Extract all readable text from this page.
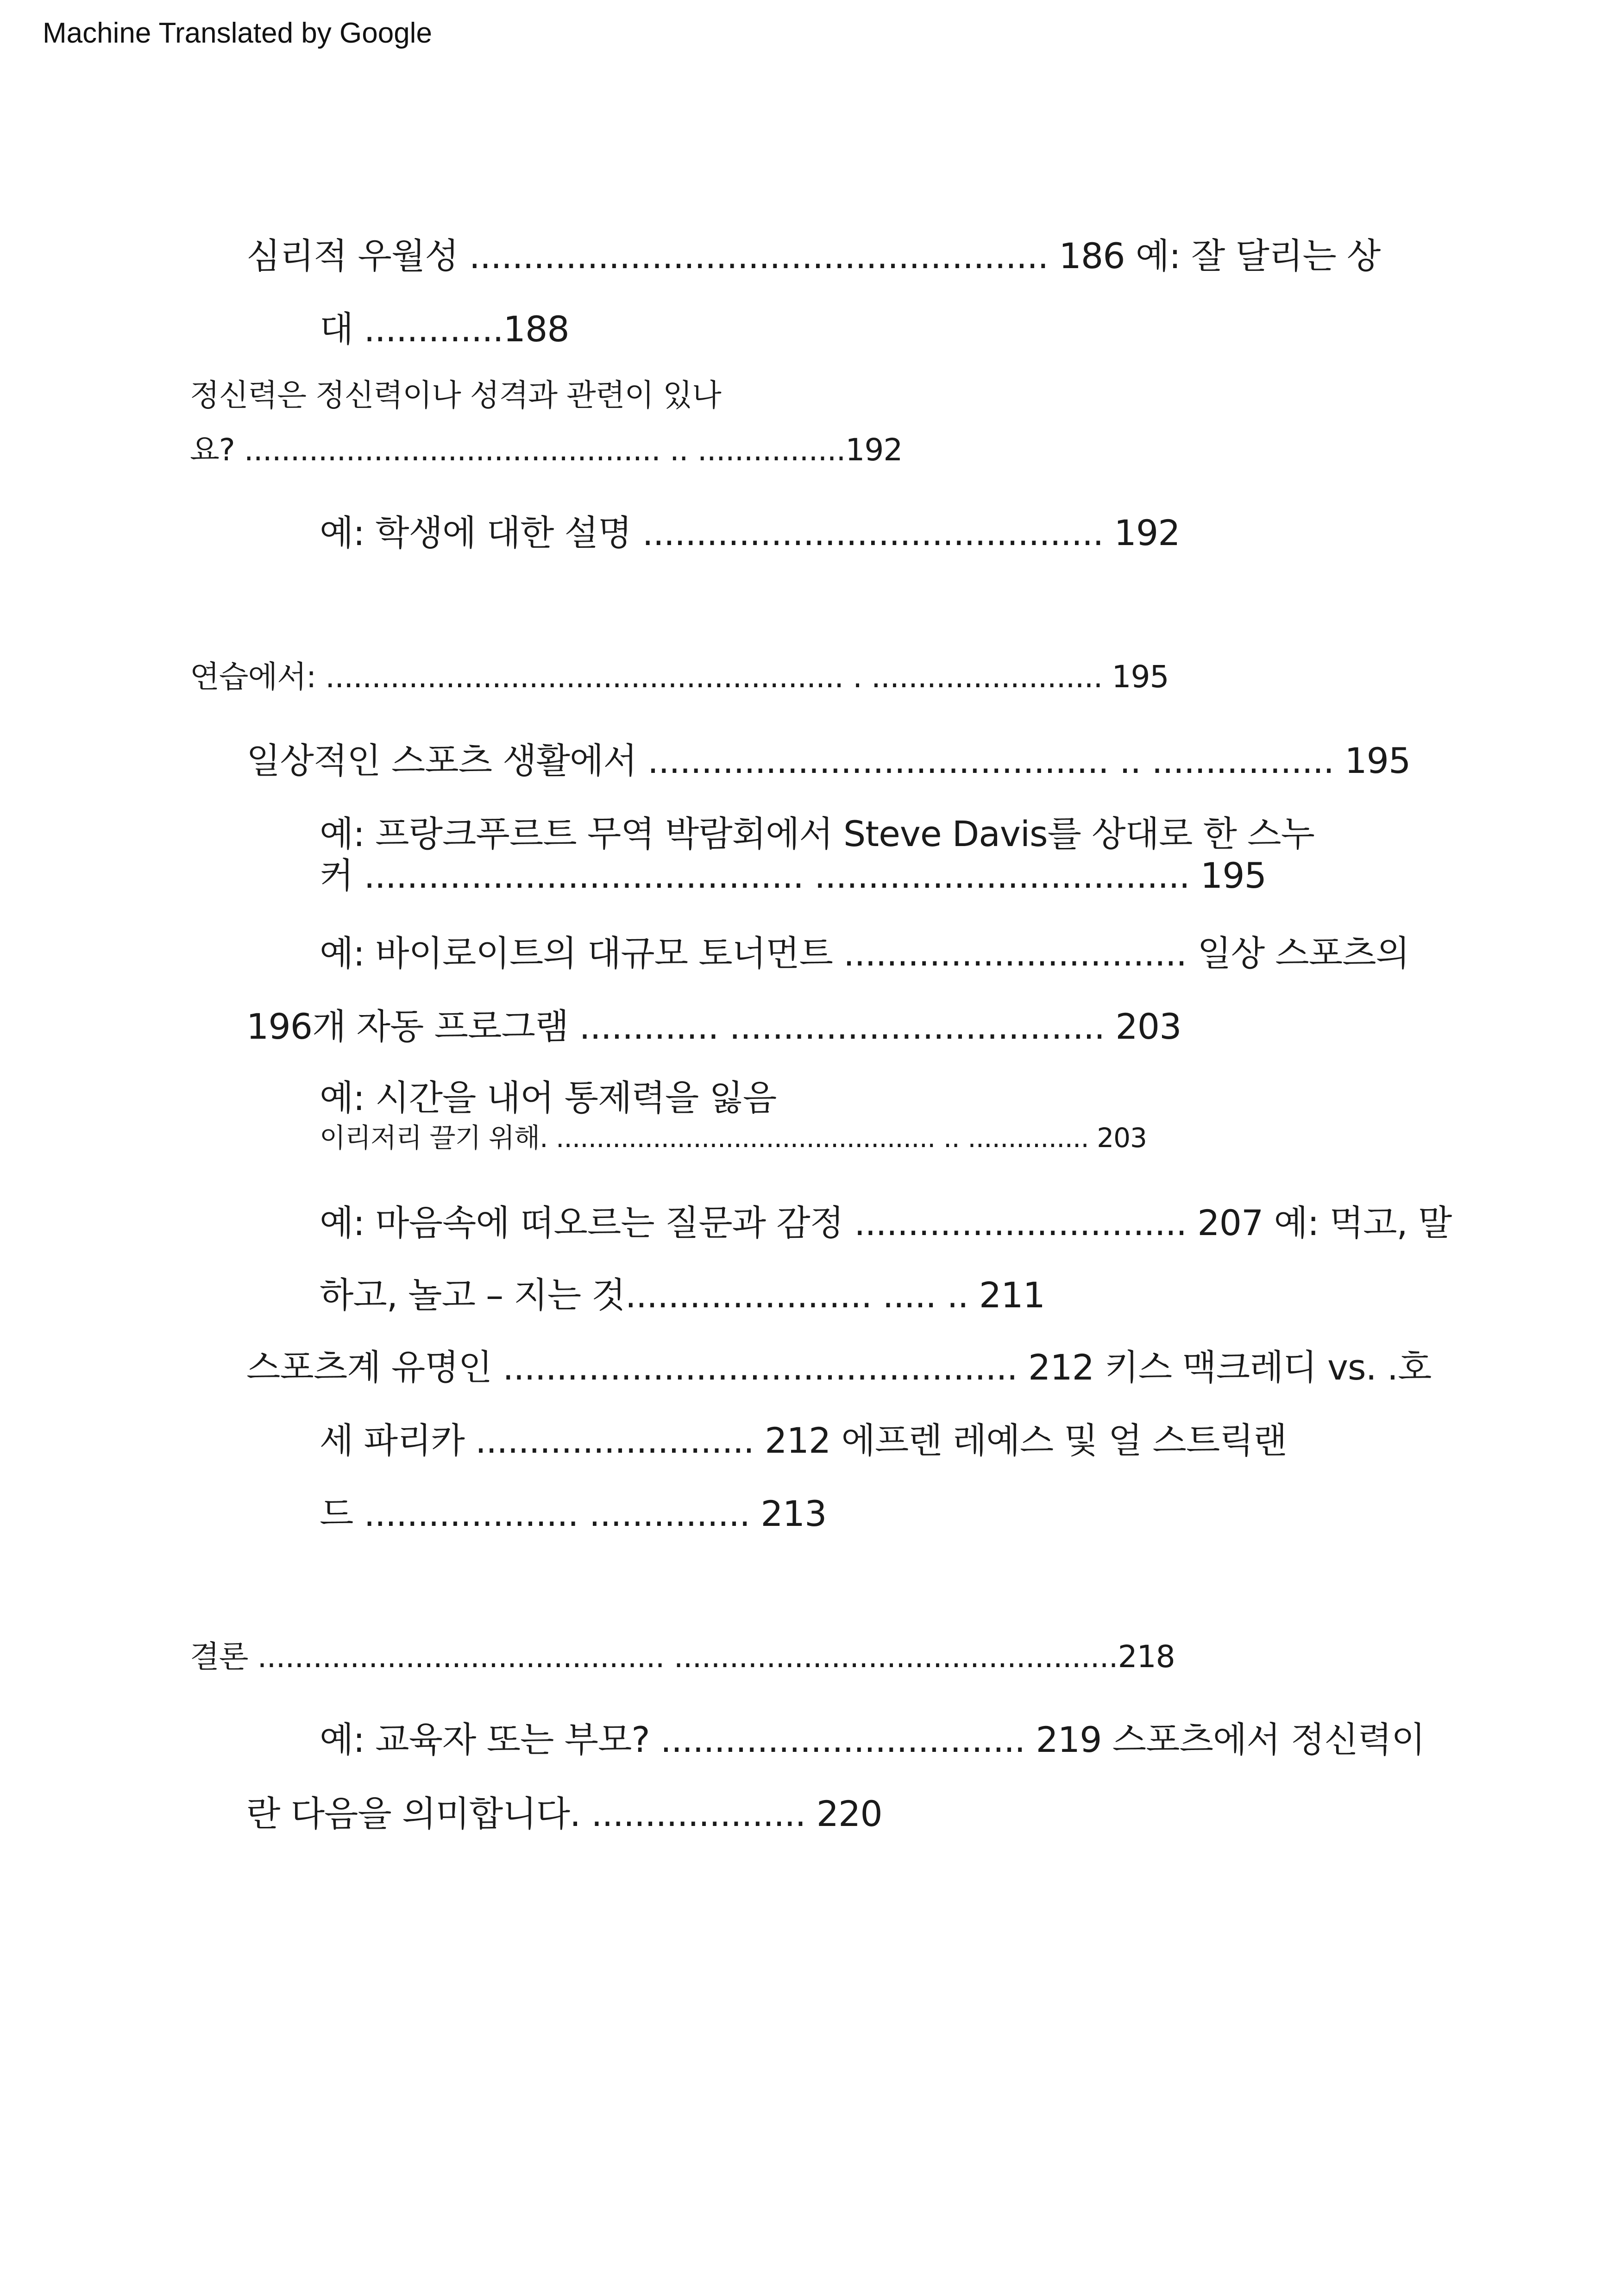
Machine Translated by Google
심리적 우월성 ...................................................... 186 예: 잘 달리는 상
대 .............188
정신력은 정신력이나 성격과 관련이 있나
요? ............................................. .. ................192
예: 학생에 대한 설명 ........................................... 192
연습에서: ........................................................ . ......................... 195
일상적인 스포츠 생활에서 ........................................... .. ................. 195
예: 프랑크푸르트 무역 박람회에서 Steve Davis를 상대로 한 스누
커 ......................................... ................................... 195
예: 바이로이트의 대규모 토너먼트 ................................ 일상 스포츠의
196개 자동 프로그램 ............. ................................... 203
예: 시간을 내어 통제력을 잃음
이리저리 끌기 위해. ............................................... .. ............... 203
예: 마음속에 떠오르는 질문과 감정 ............................... 207 예: 먹고, 말
하고, 놀고 – 지는 것....................... ..... .. 211
스포츠계 유명인 ................................................ 212 키스 맥크레디 vs. .호
세 파리카 .......................... 212 에프렌 레예스 및 얼 스트릭랜
드 .................... ............... 213
결론 ............................................ ................................................218
예: 교육자 또는 부모? .................................. 219 스포츠에서 정신력이
란 다음을 의미합니다. .................... 220
